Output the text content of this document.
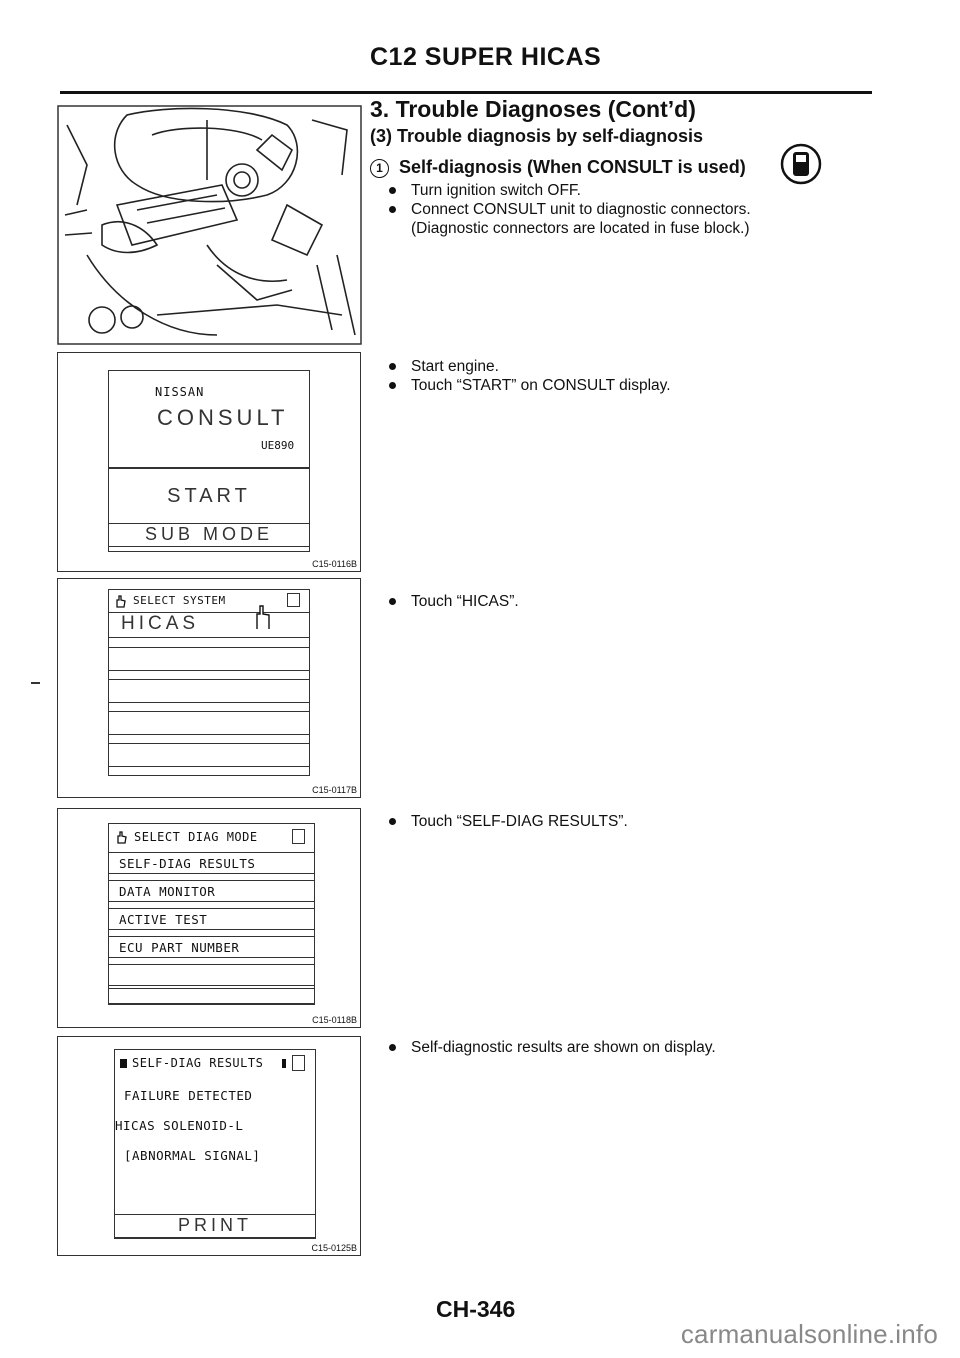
C12 SUPER HICAS
3. Trouble Diagnoses (Cont’d)
(3) Trouble diagnosis by self-diagnosis
1 Self-diagnosis (When CONSULT is used)
Turn ignition switch OFF.
Connect CONSULT unit to diagnostic connectors.
(Diagnostic connectors are located in fuse block.)
Start engine.
Touch “START” on CONSULT display.
Touch “HICAS”.
Touch “SELF-DIAG RESULTS”.
Self-diagnostic results are shown on display.
NISSAN
CONSULT
UE890
START
SUB MODE
C15-0116B
SELECT SYSTEM
HICAS
C15-0117B
SELECT DIAG MODE
SELF-DIAG RESULTS
DATA MONITOR
ACTIVE TEST
ECU PART NUMBER
C15-0118B
SELF-DIAG RESULTS
FAILURE DETECTED
HICAS SOLENOID-L
[ABNORMAL SIGNAL]
PRINT
C15-0125B
CH-346
carmanualsonline.info
